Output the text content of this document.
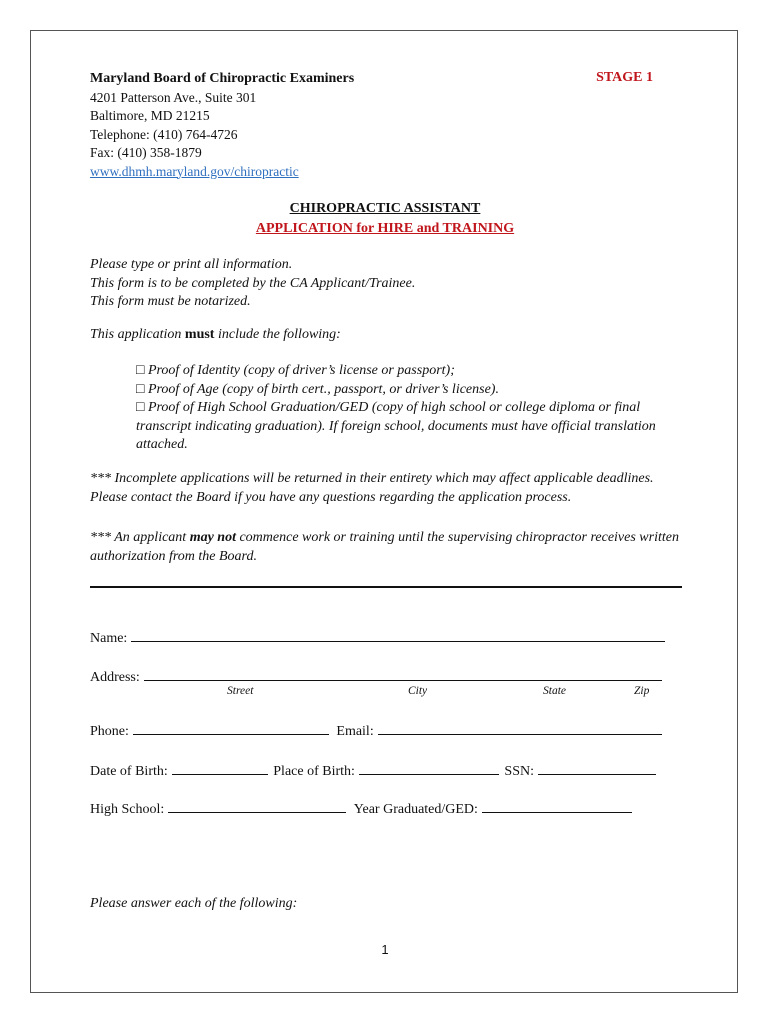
Maryland Board of Chiropractic Examiners
4201 Patterson Ave., Suite 301
Baltimore, MD 21215
Telephone: (410) 764-4726
Fax: (410) 358-1879
www.dhmh.maryland.gov/chiropractic
STAGE 1
CHIROPRACTIC ASSISTANT
APPLICATION for HIRE and TRAINING
Please type or print all information.
This form is to be completed by the CA Applicant/Trainee.
This form must be notarized.
This application must include the following:
□ Proof of Identity (copy of driver’s license or passport);
□ Proof of Age (copy of birth cert., passport, or driver’s license).
□ Proof of High School Graduation/GED (copy of high school or college diploma or final transcript indicating graduation). If foreign school, documents must have official translation attached.
*** Incomplete applications will be returned in their entirety which may affect applicable deadlines. Please contact the Board if you have any questions regarding the application process.
*** An applicant may not commence work or training until the supervising chiropractor receives written authorization from the Board.
Name:
Address:
Street	City	State	Zip
Phone:	Email:
Date of Birth:	Place of Birth:	SSN:
High School:	Year Graduated/GED:
Please answer each of the following:
1
